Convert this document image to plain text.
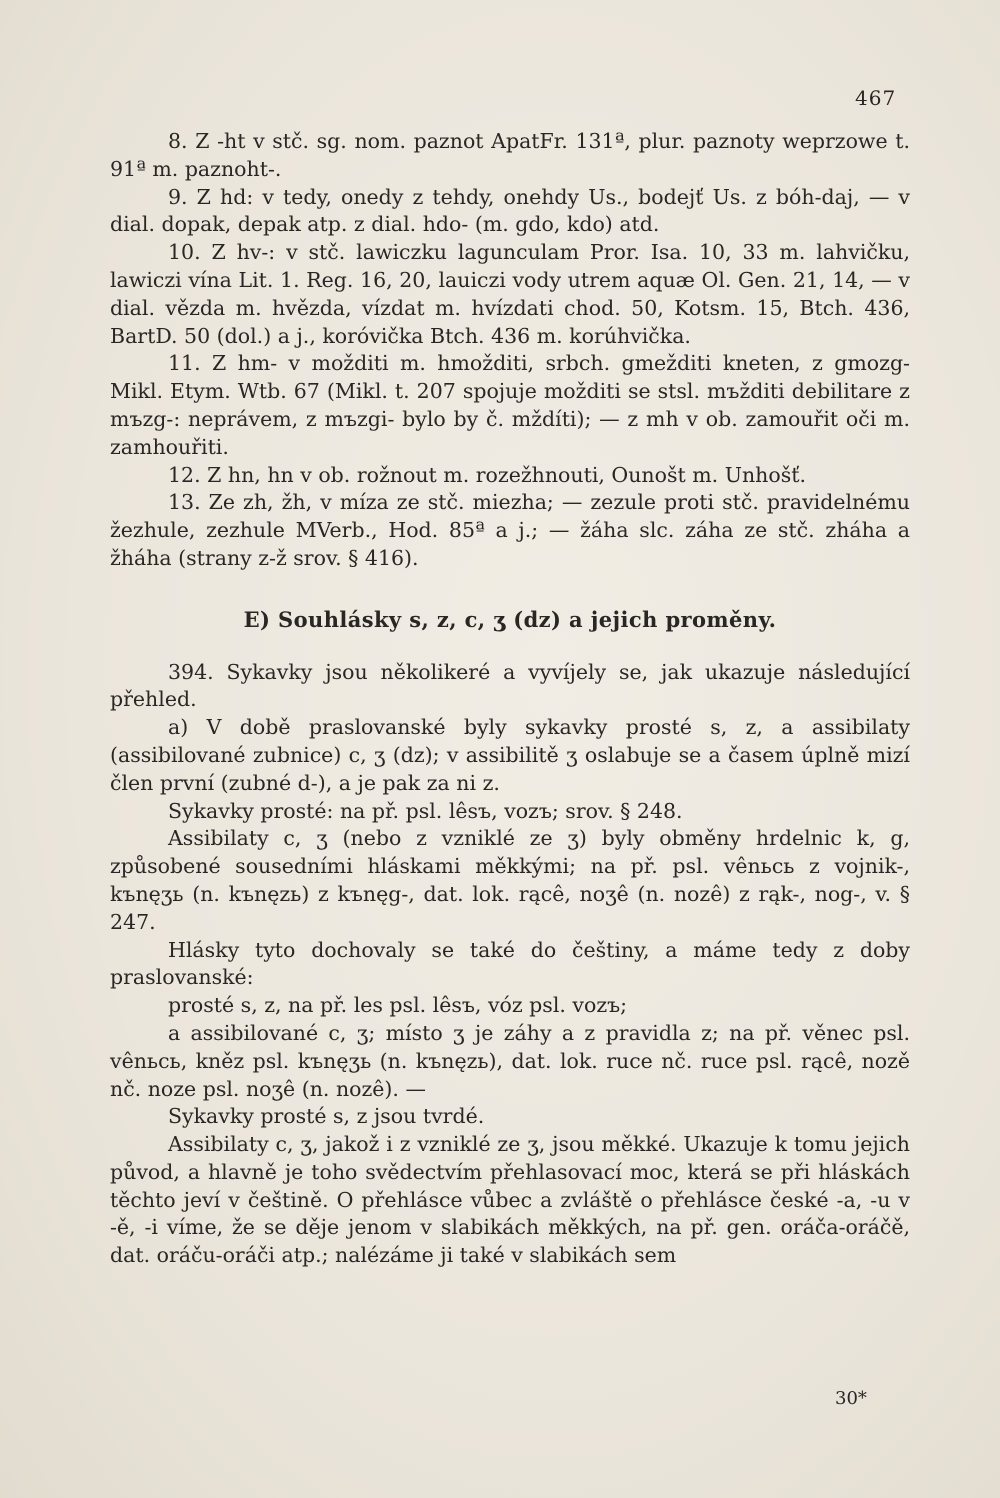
467

8. Z -ht v stč. sg. nom. paznot ApatFr. 131ª, plur. paznoty weprzowe t. 91ª m. paznoht-.

9. Z hd: v tedy, onedy z tehdy, onehdy Us., bodejť Us. z bóh-daj, — v dial. dopak, depak atp. z dial. hdo- (m. gdo, kdo) atd.

10. Z hv-: v stč. lawiczku lagunculam Pror. Isa. 10, 33 m. lahvičku, lawiczi vína Lit. 1. Reg. 16, 20, lauiczi vody utrem aquæ Ol. Gen. 21, 14, — v dial. vězda m. hvězda, vízdat m. hvízdati chod. 50, Kotsm. 15, Btch. 436, BartD. 50 (dol.) a j., koróvička Btch. 436 m. korúhvička.

11. Z hm- v možditi m. hmožditi, srbch. gmežditi kneten, z gmozg- Mikl. Etym. Wtb. 67 (Mikl. t. 207 spojuje možditi se stsl. mъžditi debilitare z mъzg-: neprávem, z mъzgi- bylo by č. mždíti); — z mh v ob. zamouřit oči m. zamhouřiti.

12. Z hn, hn v ob. rožnout m. rozežhnouti, Ounošt m. Unhošť.

13. Ze zh, žh, v míza ze stč. miezha; — zezule proti stč. pravidelnému žezhule, zezhule MVerb., Hod. 85ª a j.; — žáha slc. záha ze stč. zháha a žháha (strany z-ž srov. § 416).

E) Souhlásky s, z, c, ʒ (dz) a jejich proměny.

394. Sykavky jsou několikeré a vyvíjely se, jak ukazuje následující přehled.

a) V době praslovanské byly sykavky prosté s, z, a assibilaty (assibilované zubnice) c, ʒ (dz); v assibilitě ʒ oslabuje se a časem úplně mizí člen první (zubné d-), a je pak za ni z.

Sykavky prosté: na př. psl. lêsъ, vozъ; srov. § 248.

Assibilaty c, ʒ (nebo z vzniklé ze ʒ) byly obměny hrdelnic k, g, způsobené sousedními hláskami měkkými; na př. psl. vênьcь z vojnik-, kъnęʒь (n. kъnęzь) z kъnęg-, dat. lok. rącê, noʒê (n. nozê) z rąk-, nog-, v. § 247.

Hlásky tyto dochovaly se také do češtiny, a máme tedy z doby praslovanské:

prosté s, z, na př. les psl. lêsъ, vóz psl. vozъ;

a assibilované c, ʒ; místo ʒ je záhy a z pravidla z; na př. věnec psl. vênьcь, kněz psl. kъnęʒь (n. kъnęzь), dat. lok. ruce nč. ruce psl. rącê, nozě nč. noze psl. noʒê (n. nozê). —

Sykavky prosté s, z jsou tvrdé.

Assibilaty c, ʒ, jakož i z vzniklé ze ʒ, jsou měkké. Ukazuje k tomu jejich původ, a hlavně je toho svědectvím přehlasovací moc, která se při hláskách těchto jeví v češtině. O přehlásce vůbec a zvláště o přehlásce české -a, -u v -ě, -i víme, že se děje jenom v slabikách měkkých, na př. gen. oráča-oráčě, dat. oráču-oráči atp.; nalézáme ji také v slabikách sem

30*
